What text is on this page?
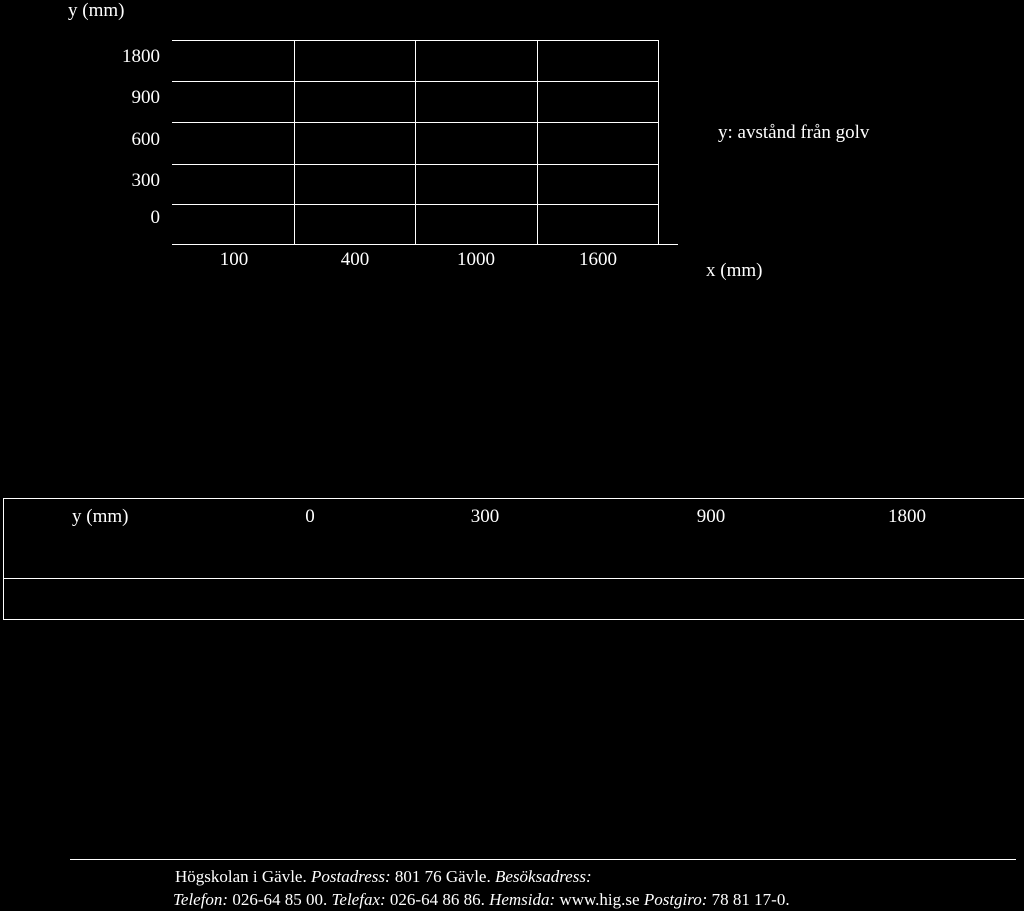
y (mm)
1800
900
600
300
0
100	400	1000	1600
x (mm)
y: avstånd från golv
y (mm)	0	300	900	1800
Högskolan i Gävle. Postadress: 801 76 Gävle. Besöksadress:
Telefon: 026-64 85 00. Telefax: 026-64 86 86. Hemsida: www.hig.se Postgiro: 78 81 17-0.
